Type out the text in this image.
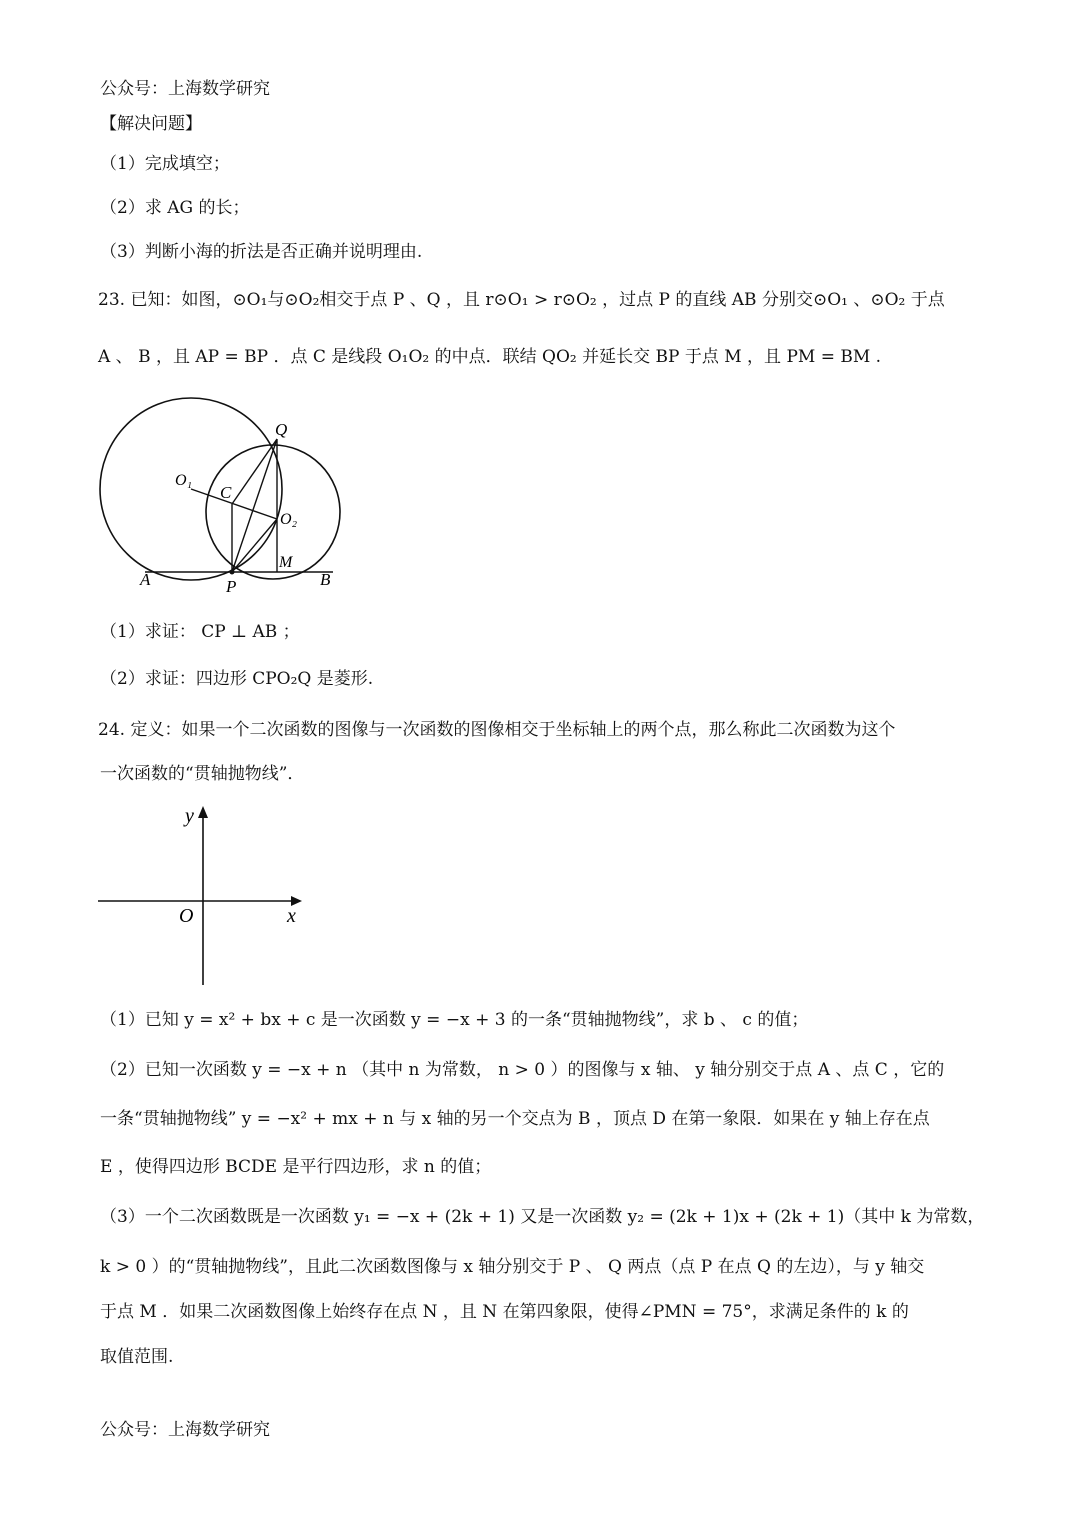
公众号：上海数学研究
【解决问题】
（1）完成填空；
（2）求 AG 的长；
（3）判断小海的折法是否正确并说明理由.
23. 已知：如图，⊙O₁与⊙O₂相交于点 P 、Q ，且 r⊙O₁ > r⊙O₂ ，过点 P 的直线 AB 分别交⊙O₁ 、⊙O₂ 于点
A 、 B ，且 AP = BP ．点 C 是线段 O₁O₂ 的中点．联结 QO₂ 并延长交 BP 于点 M ，且 PM = BM .
Q
O₁
C
O₂
M
A	P	B
（1）求证： CP ⊥ AB ；
（2）求证：四边形 CPO₂Q 是菱形.
24. 定义：如果一个二次函数的图像与一次函数的图像相交于坐标轴上的两个点，那么称此二次函数为这个
一次函数的“贯轴抛物线”．
y
x
O
（1）已知 y = x² + bx + c 是一次函数 y = −x + 3 的一条“贯轴抛物线”，求 b 、 c 的值；
（2）已知一次函数 y = −x + n （其中 n 为常数， n > 0 ）的图像与 x 轴、 y 轴分别交于点 A 、点 C ，它的
一条“贯轴抛物线” y = −x² + mx + n 与 x 轴的另一个交点为 B ，顶点 D 在第一象限．如果在 y 轴上存在点
E ，使得四边形 BCDE 是平行四边形，求 n 的值；
（3）一个二次函数既是一次函数 y₁ = −x + (2k + 1) 又是一次函数 y₂ = (2k + 1)x + (2k + 1)（其中 k 为常数，
k > 0 ）的“贯轴抛物线”，且此二次函数图像与 x 轴分别交于 P 、 Q 两点（点 P 在点 Q 的左边），与 y 轴交
于点 M ．如果二次函数图像上始终存在点 N ，且 N 在第四象限，使得∠PMN = 75°，求满足条件的 k 的
取值范围.
公众号：上海数学研究
